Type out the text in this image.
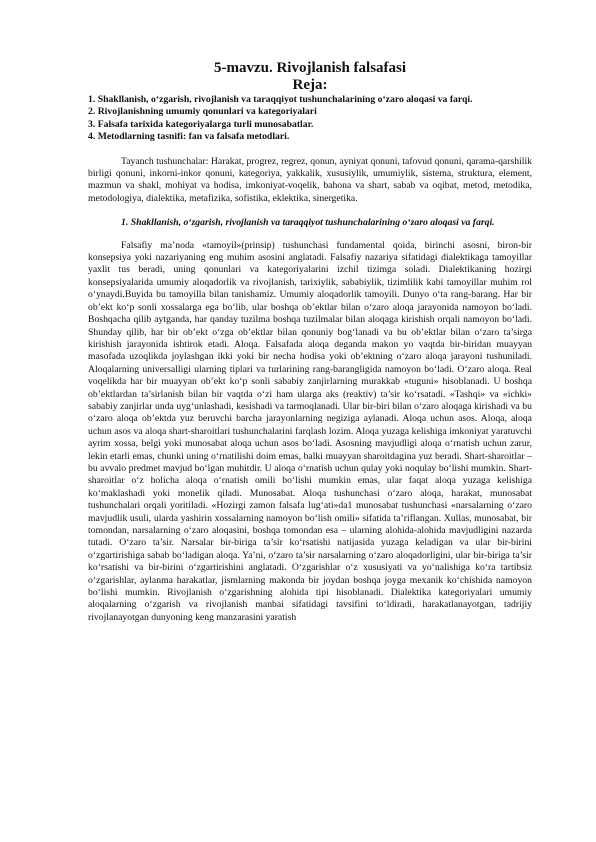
5-mavzu. Rivojlanish falsafasi

Reja:

1. Shakllanish, o‘zgarish, rivojlanish va taraqqiyot tushunchalarining o‘zaro aloqasi va farqi.

2. Rivojlanishning umumiy qonunlari va kategoriyalari

3. Falsafa tarixida kategoriyalarga turli munosabatlar.

4. Metodlarning tasnifi: fan va falsafa metodlari.

Tayanch tushunchalar: Harakat, progrez, regrez, qonun, ayniyat qonuni, tafovud qonuni, qarama-qarshilik birligi qonuni, inkorni-inkor qonuni, kategoriya, yakkalik, xususiylik, umumiylik, sistema, struktura, element, mazmun va shakl, mohiyat va hodisa, imkoniyat-voqelik, bahona va shart, sabab va oqibat, metod, metodika, metodologiya, dialektika, metafizika, sofistika, eklektika, sinergetika.

1. Shakllanish, o‘zgarish, rivojlanish va taraqqiyot tushunchalarining o‘zaro aloqasi va farqi.

Falsafiy ma’noda «tamoyil»(prinsip) tushunchasi fundamental qoida, birinchi asosni, biron-bir konsepsiya yoki nazariyaning eng muhim asosini anglatadi. Falsafiy nazariya sifatidagi dialektikaga tamoyillar yaxlit tus beradi, uning qonunlari va kategoriyalarini izchil tizimga soladi. Dialektikaning hozirgi konsepsiyalarida umumiy aloqadorlik va rivojlanish, tarixiylik, sababiylik, tizimlilik kabi tamoyillar muhim rol o‘ynaydi.Buуida bu tamoyilla bilan tanishamiz. Umumiy aloqadorlik tamoyili. Dunyo o‘ta rang-barang. Har bir ob’ekt ko‘p sonli xossalarga ega bo‘lib, ular boshqa ob’ektlar bilan o‘zaro aloqa jarayonida namoyon bo‘ladi. Boshqacha qilib aytganda, har qanday tuzilma boshqa tuzilmalar bilan aloqaga kirishish orqali namoyon bo‘ladi. Shunday qilib, har bir ob’ekt o‘zga ob’ektlar bilan qonuniy bog‘lanadi va bu ob’ektlar bilan o‘zaro ta’sirga kirishish jarayonida ishtirok etadi. Aloqa. Falsafada aloqa deganda makon yo vaqtda bir-biridan muayyan masofada uzoqlikda joylashgan ikki yoki bir necha hodisa yoki ob’ektning o‘zaro aloqa jarayoni tushuniladi. Aloqalarning universalligi ularning tiplari va turlarining rang-barangligida namoyon bo‘ladi. O‘zaro aloqa. Real voqelikda har bir muayyan ob’ekt ko‘p sonli sababiy zanjirlarning murakkab «tuguni» hisoblanadi. U boshqa ob’ektlardan ta’sirlanish bilan bir vaqtda o‘zi ham ularga aks (reaktiv) ta’sir ko‘rsatadi. «Tashqi» va «ichki» sababiy zanjirlar unda uyg‘unlashadi, kesishadi va tarmoqlanadi. Ular bir-biri bilan o‘zaro aloqaga kirishadi va bu o‘zaro aloqa ob’ektda yuz beruvchi barcha jarayonlarning negiziga aylanadi. Aloqa uchun asos. Aloqa, aloqa uchun asos va aloqa shart-sharoitlari tushunchalarini farqlash lozim. Aloqa yuzaga kelishiga imkoniyat yaratuvchi ayrim xossa, belgi yoki munosabat aloqa uchun asos bo‘ladi. Asosning mavjudligi aloqa o‘rnatish uchun zarur, lekin etarli emas, chunki uning o‘rnatilishi doim emas, balki muayyan sharoitdagina yuz beradi. Shart-sharoitlar – bu avvalo predmet mavjud bo‘lgan muhitdir. U aloqa o‘rnatish uchun qulay yoki noqulay bo‘lishi mumkin. Shart-sharoitlar o‘z holicha aloqa o‘rnatish omili bo‘lishi mumkin emas, ular faqat aloqa yuzaga kelishiga ko‘maklashadi yoki monelik qiladi. Munosabat. Aloqa tushunchasi o‘zaro aloqa, harakat, munosabat tushunchalari orqali yoritiladi. «Hozirgi zamon falsafa lug‘ati»da1 munosabat tushunchasi «narsalarning o‘zaro mavjudlik usuli, ularda yashirin xossalarning namoyon bo‘lish omili» sifatida ta’riflangan. Xullas, munosabat, bir tomondan, narsalarning o‘zaro aloqasini, boshqa tomondan esa – ularning alohida-alohida mavjudligini nazarda tutadi. O‘zaro ta’sir. Narsalar bir-biriga ta’sir ko‘rsatishi natijasida yuzaga keladigan va ular bir-birini o‘zgartirishiga sabab bo‘ladigan aloqa. Ya’ni, o‘zaro ta’sir narsalarning o‘zaro aloqadorligini, ular bir-biriga ta’sir ko‘rsatishi va bir-birini o‘zgartirishini anglatadi. O‘zgarishlar o‘z xususiyati va yo‘nalishiga ko‘ra tartibsiz o‘zgarishlar, aylanma harakatlar, jismlarning makonda bir joydan boshqa joyga mexanik ko‘chishida namoyon bo‘lishi mumkin. Rivojlanish o‘zgarishning alohida tipi hisoblanadi. Dialektika kategoriyalari umumiy aloqalarning o‘zgarish va rivojlanish manbai sifatidagi tavsifini to‘ldiradi, harakatlanayotgan, tadrijiy rivojlanayotgan dunyoning keng manzarasini yaratish
